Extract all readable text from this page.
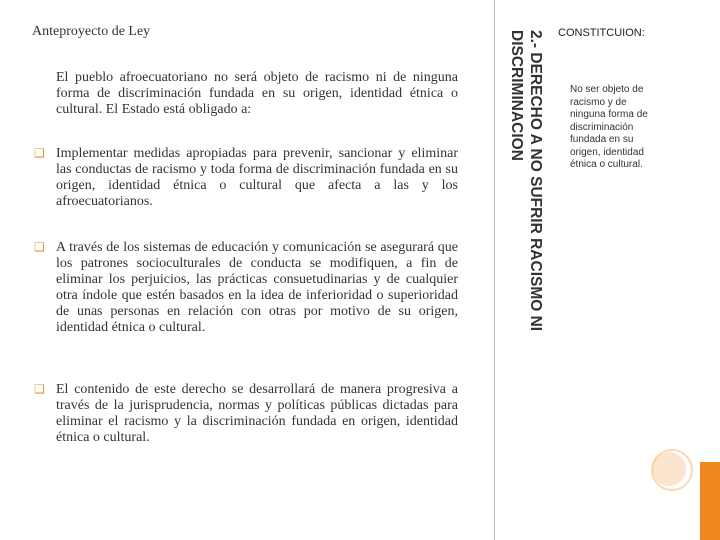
Anteproyecto de Ley
El pueblo afroecuatoriano no será objeto de racismo ni de ninguna forma de discriminación fundada en su origen, identidad étnica o cultural. El Estado está obligado a:
❑ Implementar medidas apropiadas para prevenir, sancionar y eliminar las conductas de racismo y toda forma de discriminación fundada en su origen, identidad étnica o cultural que afecta a las y los afroecuatorianos.
❑ A través de los sistemas de educación y comunicación se asegurará que los patrones socioculturales de conducta se modifiquen, a fin de eliminar los perjuicios, las prácticas consuetudinarias y de cualquier otra índole que estén basados en la idea de inferioridad o superioridad de unas personas en relación con otras por motivo de su origen, identidad étnica o cultural.
❑ El contenido de este derecho se desarrollará de manera progresiva a través de la jurisprudencia, normas y políticas públicas dictadas para eliminar el racismo y la discriminación fundada en origen, identidad étnica o cultural.
2.- DERECHO A NO SUFRIR RACISMO NI
DISCRIMINACION	CONSTITCUION:
No ser objeto de racismo y de ninguna forma de discriminación fundada en su origen, identidad étnica o cultural.
